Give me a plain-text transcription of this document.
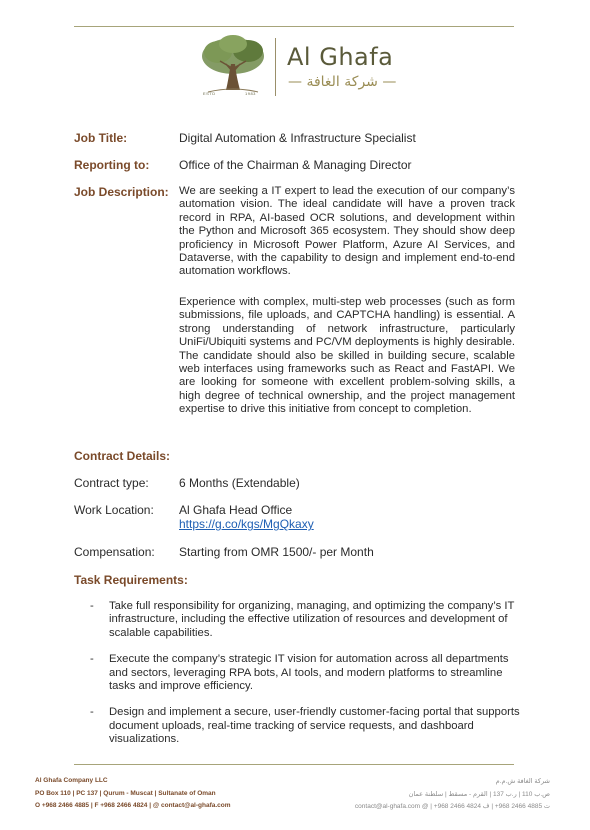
ESTD	1983
Al Ghafa
— شركة الغافة —
Job Title:	Digital Automation & Infrastructure Specialist
Reporting to: Office of the Chairman & Managing Director
Job Description: We are seeking a IT expert to lead the execution of our company’s automation vision. The ideal candidate will have a proven track record in RPA, AI-based OCR solutions, and development within the Python and Microsoft 365 ecosystem. They should show deep proficiency in Microsoft Power Platform, Azure AI Services, and Dataverse, with the capability to design and implement end-to-end automation workflows.
Experience with complex, multi-step web processes (such as form submissions, file uploads, and CAPTCHA handling) is essential. A strong understanding of network infrastructure, particularly UniFi/Ubiquiti systems and PC/VM deployments is highly desirable. The candidate should also be skilled in building secure, scalable web interfaces using frameworks such as React and FastAPI. We are looking for someone with excellent problem-solving skills, a high degree of technical ownership, and the project management expertise to drive this initiative from concept to completion.
Contract Details:
Contract type:	6 Months (Extendable)
Work Location: Al Ghafa Head Office
https://g.co/kgs/MgQkaxy
Compensation: Starting from OMR 1500/- per Month
Task Requirements:
- Take full responsibility for organizing, managing, and optimizing the company’s IT infrastructure, including the effective utilization of resources and development of scalable capabilities.
- Execute the company’s strategic IT vision for automation across all departments and sectors, leveraging RPA bots, AI tools, and modern platforms to streamline tasks and improve efficiency.
- Design and implement a secure, user-friendly customer-facing portal that supports document uploads, real-time tracking of service requests, and dashboard visualizations.
Al Ghafa Company LLC
PO Box 110 | PC 137 | Qurum - Muscat | Sultanate of Oman
O +968 2466 4885 | F +968 2466 4824 | @ contact@al-ghafa.com
شركة الغافة ش.م.م
ص.ب 110 | ر.ب 137 | القرم - مسقط | سلطنة عمان
ت 4885 2466 968+ | ف 4824 2466 968+ | @ contact@al-ghafa.com
